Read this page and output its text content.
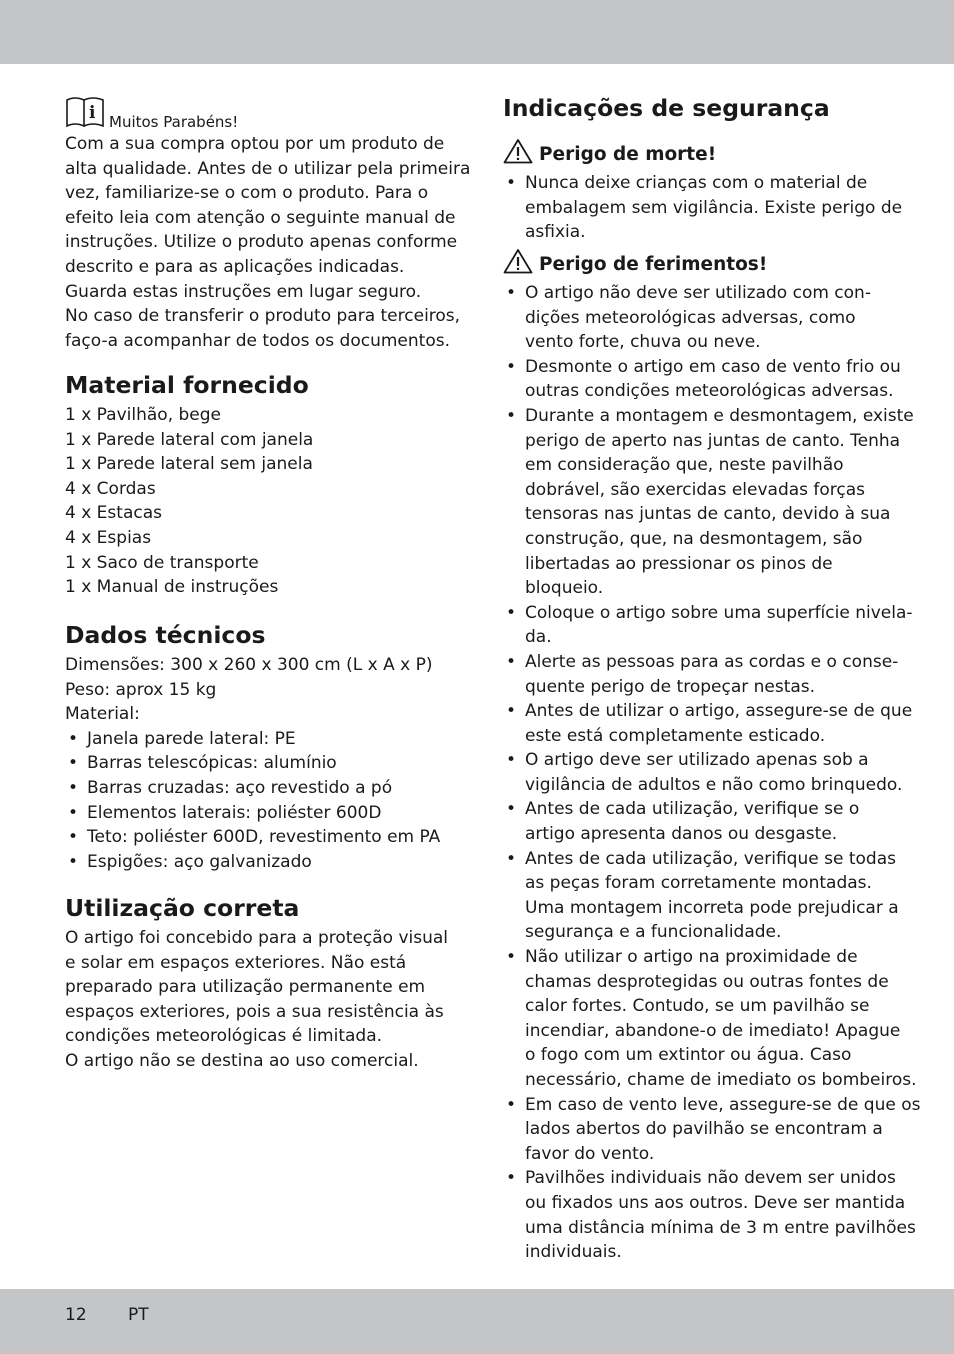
i Muitos Parabéns!
Com a sua compra optou por um produto de
alta qualidade. Antes de o utilizar pela primeira
vez, familiarize-se o com o produto. Para o
efeito leia com atenção o seguinte manual de
instruções. Utilize o produto apenas conforme
descrito e para as aplicações indicadas.
Guarda estas instruções em lugar seguro.
No caso de transferir o produto para terceiros,
faço-a acompanhar de todos os documentos.
Material fornecido
1 x Pavilhão, bege
1 x Parede lateral com janela
1 x Parede lateral sem janela
4 x Cordas
4 x Estacas
4 x Espias
1 x Saco de transporte
1 x Manual de instruções
Dados técnicos
Dimensões: 300 x 260 x 300 cm (L x A x P)
Peso: aprox 15 kg
Material:
• Janela parede lateral: PE
• Barras telescópicas: alumínio
• Barras cruzadas: aço revestido a pó
• Elementos laterais: poliéster 600D
• Teto: poliéster 600D, revestimento em PA
• Espigões: aço galvanizado
Utilização correta
O artigo foi concebido para a proteção visual
e solar em espaços exteriores. Não está
preparado para utilização permanente em
espaços exteriores, pois a sua resistência às
condições meteorológicas é limitada.
O artigo não se destina ao uso comercial.
Indicações de segurança
Perigo de morte!
• Nunca deixe crianças com o material de
embalagem sem vigilância. Existe perigo de
asfixia.
Perigo de ferimentos!
• O artigo não deve ser utilizado com con-
dições meteorológicas adversas, como
vento forte, chuva ou neve.
• Desmonte o artigo em caso de vento frio ou
outras condições meteorológicas adversas.
• Durante a montagem e desmontagem, existe
perigo de aperto nas juntas de canto. Tenha
em consideração que, neste pavilhão
dobrável, são exercidas elevadas forças
tensoras nas juntas de canto, devido à sua
construção, que, na desmontagem, são
libertadas ao pressionar os pinos de
bloqueio.
• Coloque o artigo sobre uma superfície nivela-
da.
• Alerte as pessoas para as cordas e o conse-
quente perigo de tropeçar nestas.
• Antes de utilizar o artigo, assegure-se de que
este está completamente esticado.
• O artigo deve ser utilizado apenas sob a
vigilância de adultos e não como brinquedo.
• Antes de cada utilização, verifique se o
artigo apresenta danos ou desgaste.
• Antes de cada utilização, verifique se todas
as peças foram corretamente montadas.
Uma montagem incorreta pode prejudicar a
segurança e a funcionalidade.
• Não utilizar o artigo na proximidade de
chamas desprotegidas ou outras fontes de
calor fortes. Contudo, se um pavilhão se
incendiar, abandone-o de imediato! Apague
o fogo com um extintor ou água. Caso
necessário, chame de imediato os bombeiros.
• Em caso de vento leve, assegure-se de que os
lados abertos do pavilhão se encontram a
favor do vento.
• Pavilhões individuais não devem ser unidos
ou fixados uns aos outros. Deve ser mantida
uma distância mínima de 3 m entre pavilhões
individuais.
12 PT
